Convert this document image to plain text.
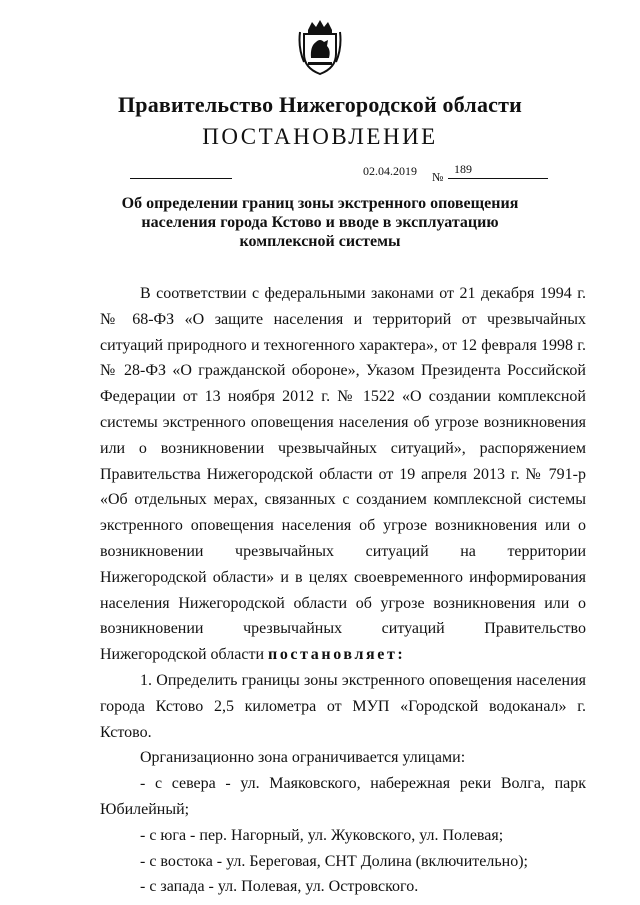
Правительство Нижегородской области
ПОСТАНОВЛЕНИЕ
02.04.2019 №
189
Об определении границ зоны экстренного оповещения
населения города Кстово и вводе в эксплуатацию
комплексной системы

В соответствии с федеральными законами от 21 декабря 1994 г. № 68-ФЗ «О защите населения и территорий от чрезвычайных ситуаций природного и техногенного характера», от 12 февраля 1998 г. № 28-ФЗ «О гражданской обороне», Указом Президента Российской Федерации от 13 ноября 2012 г. № 1522 «О создании комплексной системы экстренного оповещения населения об угрозе возникновения или о возникновении чрезвычайных ситуаций», распоряжением Правительства Нижегородской области от 19 апреля 2013 г. № 791-р «Об отдельных мерах, связанных с созданием комплексной системы экстренного оповещения населения об угрозе возникновения или о возникновении чрезвычайных ситуаций на территории Нижегородской области» и в целях своевременного информирования населения Нижегородской области об угрозе возникновения или о возникновении чрезвычайных ситуаций Правительство Нижегородской области постановляет:

1. Определить границы зоны экстренного оповещения населения города Кстово 2,5 километра от МУП «Городской водоканал» г. Кстово.

Организационно зона ограничивается улицами:

- с севера - ул. Маяковского, набережная реки Волга, парк Юбилейный;

- с юга - пер. Нагорный, ул. Жуковского, ул. Полевая;

- с востока - ул. Береговая, СНТ Долина (включительно);

- с запада - ул. Полевая, ул. Островского.
